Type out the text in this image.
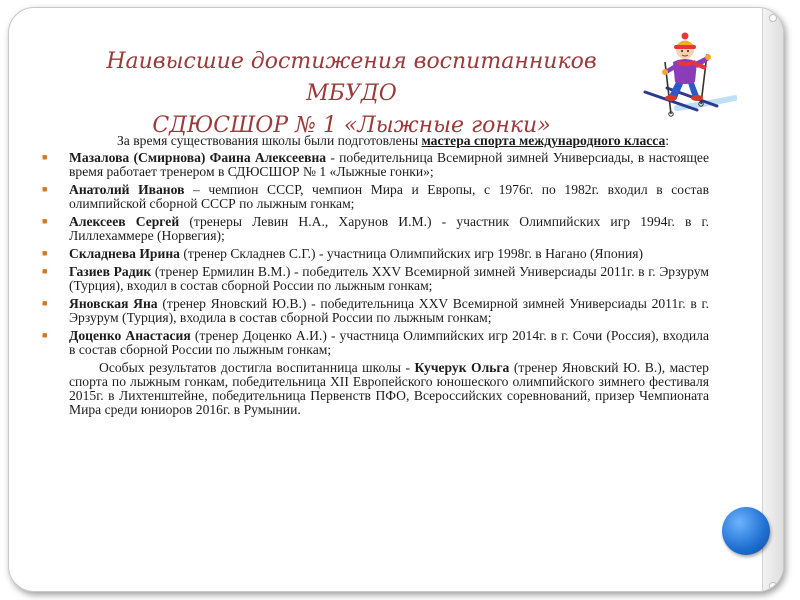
Наивысшие достижения воспитанников МБУДО
СДЮСШОР № 1 «Лыжные гонки»

За время существования школы были подготовлены мастера спорта международного класса:

■ Мазалова (Смирнова) Фаина Алексеевна - победительница Всемирной зимней Универсиады, в настоящее время работает тренером в СДЮСШОР № 1 «Лыжные гонки»;
■ Анатолий Иванов – чемпион СССР, чемпион Мира и Европы, с 1976г. по 1982г. входил в состав олимпийской сборной СССР по лыжным гонкам;
■ Алексеев Сергей (тренеры Левин Н.А., Харунов И.М.) - участник Олимпийских игр 1994г. в г. Лиллехаммере (Норвегия);
■ Складнева Ирина (тренер Складнев С.Г.) - участница Олимпийских игр 1998г. в Нагано (Япония)
■ Газиев Радик (тренер Ермилин В.М.) - победитель XXV Всемирной зимней Универсиады 2011г. в г. Эрзурум (Турция), входил в состав сборной России по лыжным гонкам;
■ Яновская Яна (тренер Яновский Ю.В.) - победительница XXV Всемирной зимней Универсиады 2011г. в г. Эрзурум (Турция), входила в состав сборной России по лыжным гонкам;
■ Доценко Анастасия (тренер Доценко А.И.) - участница Олимпийских игр 2014г. в г. Сочи (Россия), входила в состав сборной России по лыжным гонкам;

Особых результатов достигла воспитанница школы - Кучерук Ольга (тренер Яновский Ю. В.), мастер спорта по лыжным гонкам, победительница XII Европейского юношеского олимпийского зимнего фестиваля 2015г. в Лихтенштейне, победительница Первенств ПФО, Всероссийских соревнований, призер Чемпионата Мира среди юниоров 2016г. в Румынии.
